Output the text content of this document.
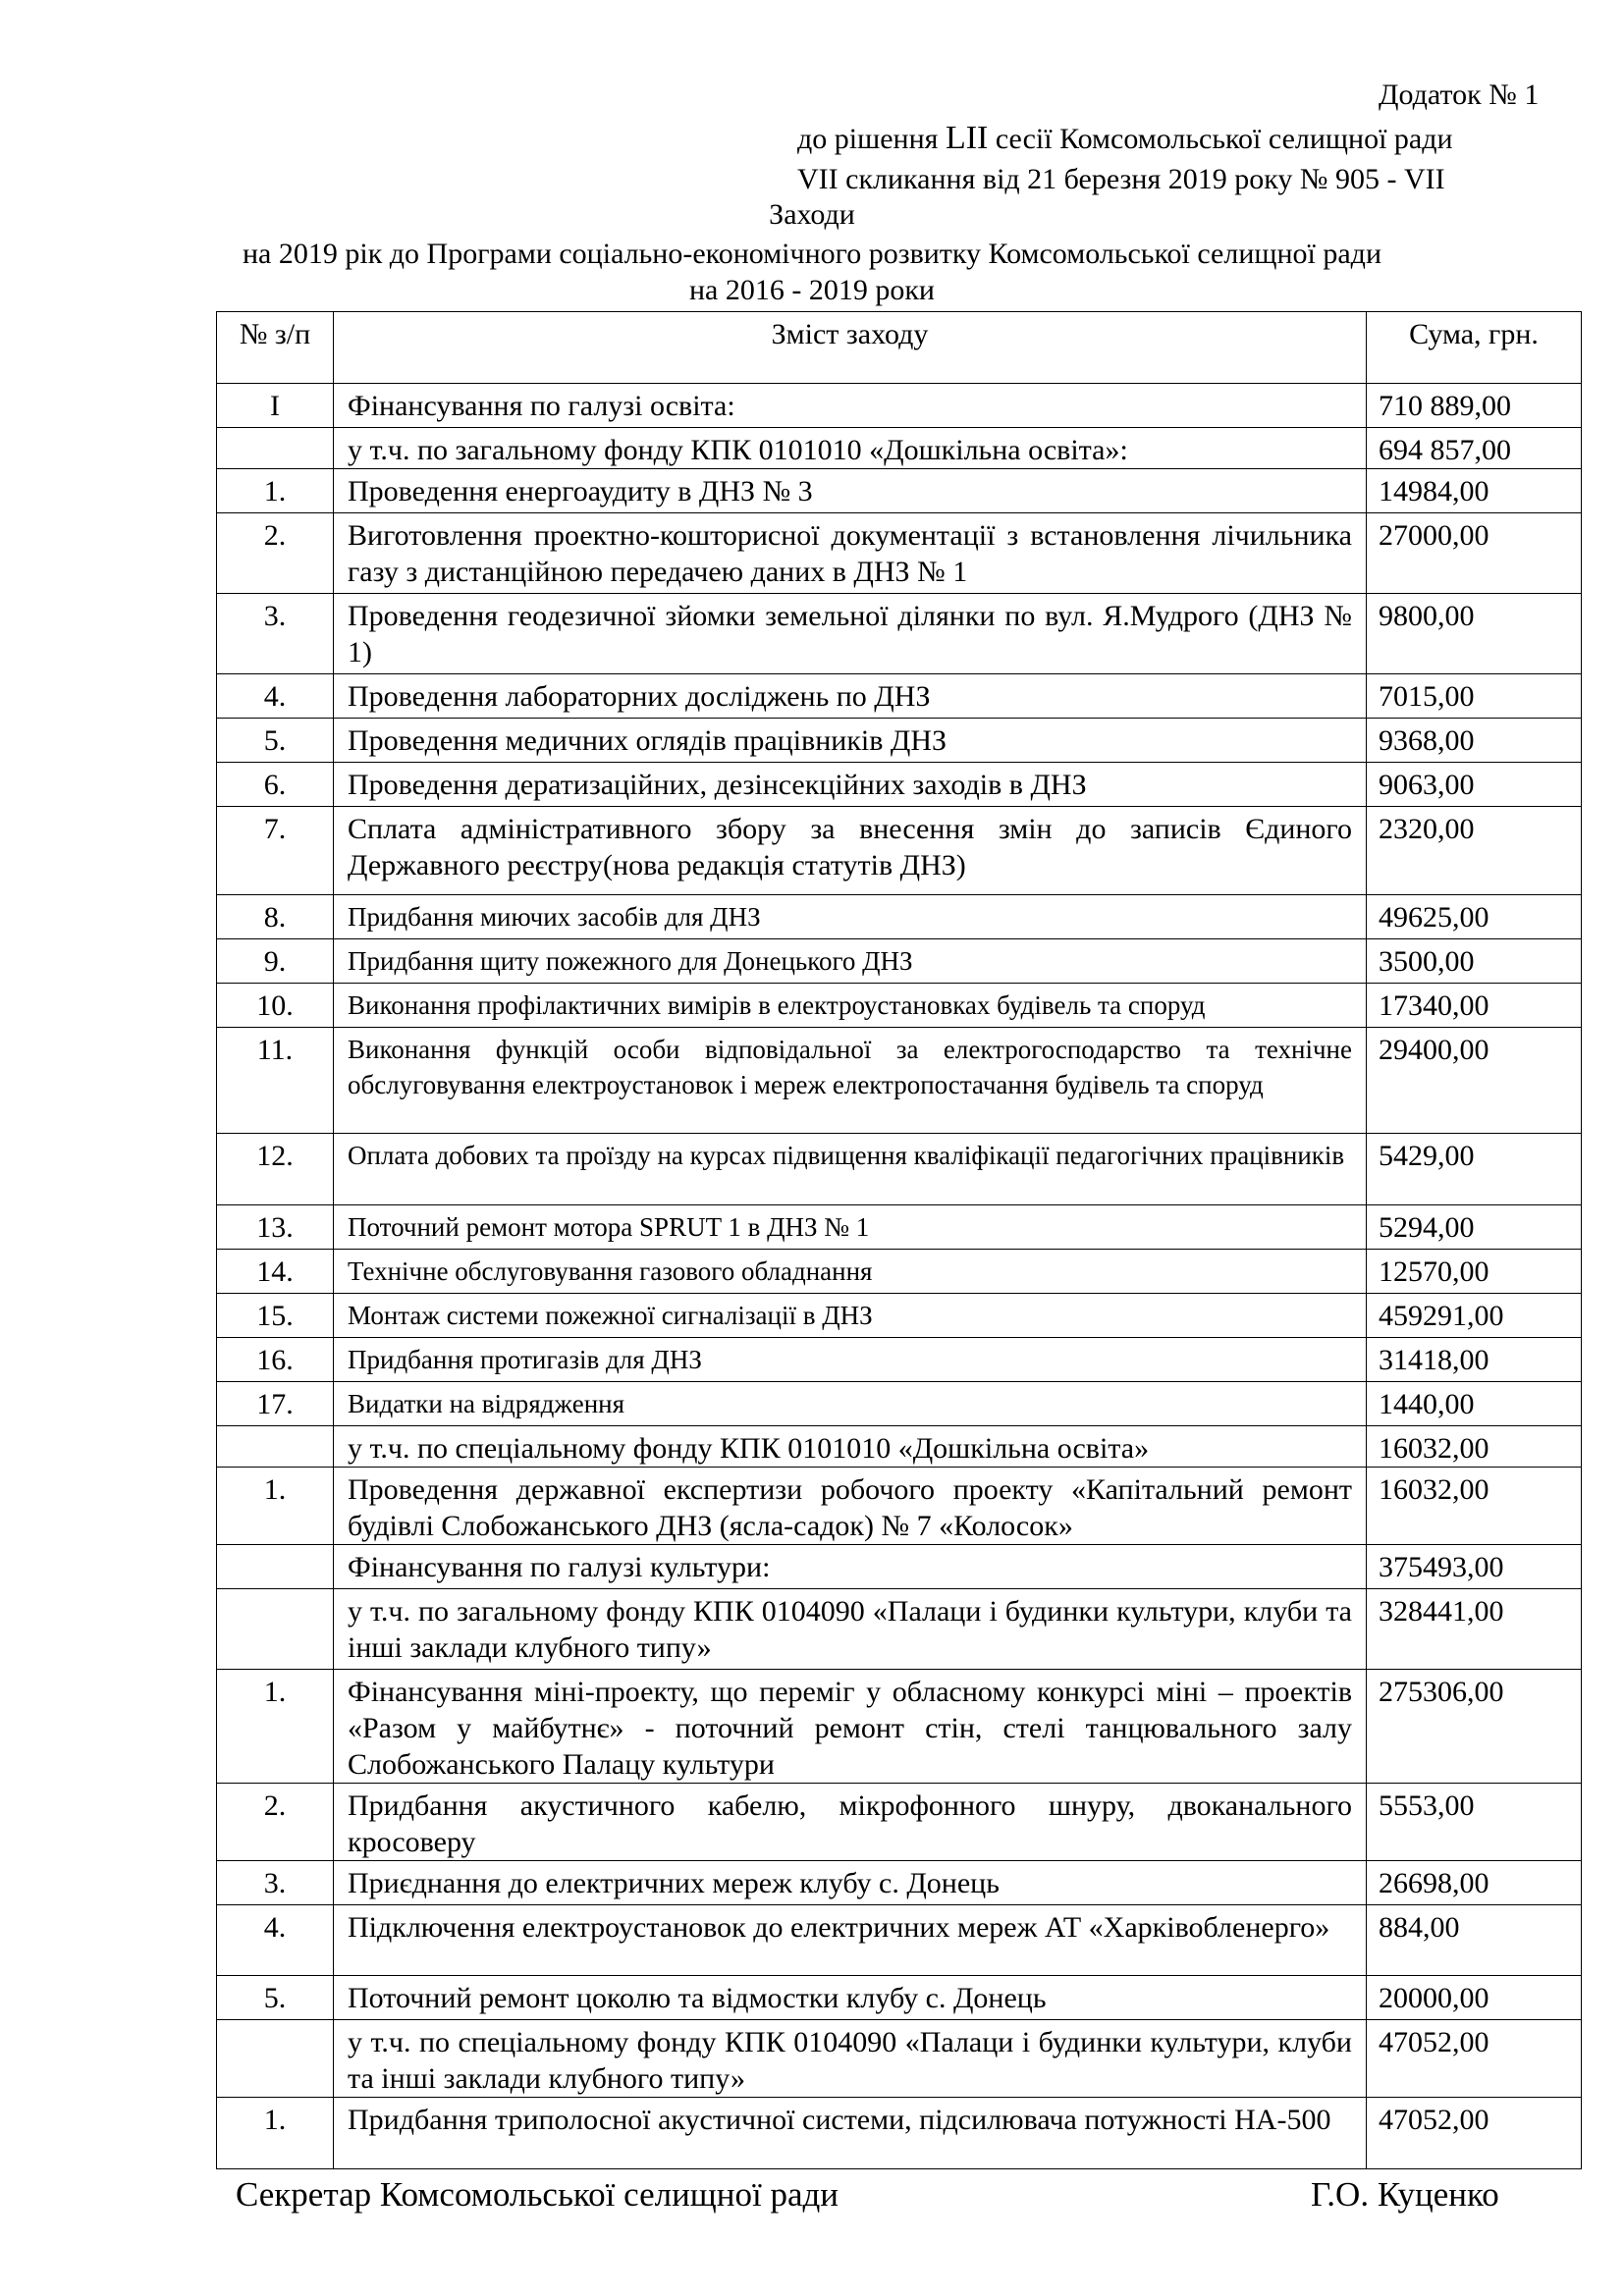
Додаток № 1
до рішення LII сесії Комсомольської селищної ради
VII скликання від 21 березня 2019 року № 905 - VII
Заходи
на 2019 рік до Програми соціально-економічного розвитку Комсомольської селищної ради
на 2016 - 2019 роки
№ з/п	Зміст заходу	Сума, грн.
I	Фінансування по галузі освіта:	710 889,00
	у т.ч. по загальному фонду КПК 0101010 «Дошкільна освіта»:	694 857,00
1.	Проведення енергоаудиту в ДНЗ № 3	14984,00
2.	Виготовлення проектно-кошторисної документації з встановлення лічильника газу з дистанційною передачею даних в ДНЗ № 1	27000,00
3.	Проведення геодезичної зйомки земельної ділянки по вул. Я.Мудрого (ДНЗ № 1)	9800,00
4.	Проведення лабораторних досліджень по ДНЗ	7015,00
5.	Проведення медичних оглядів працівників ДНЗ	9368,00
6.	Проведення дератизаційних, дезінсекційних заходів в ДНЗ	9063,00
7.	Сплата адміністративного збору за внесення змін до записів Єдиного Державного реєстру(нова редакція статутів ДНЗ)	2320,00
8.	Придбання миючих засобів для ДНЗ	49625,00
9.	Придбання щиту пожежного для Донецького ДНЗ	3500,00
10.	Виконання профілактичних вимірів в електроустановках будівель та споруд	17340,00
11.	Виконання функцій особи відповідальної за електрогосподарство та технічне обслуговування електроустановок і мереж електропостачання будівель та споруд	29400,00
12.	Оплата добових та проїзду на курсах підвищення кваліфікації педагогічних працівників	5429,00
13.	Поточний ремонт мотора SPRUT 1 в ДНЗ № 1	5294,00
14.	Технічне обслуговування газового обладнання	12570,00
15.	Монтаж системи пожежної сигналізації в ДНЗ	459291,00
16.	Придбання протигазів для ДНЗ	31418,00
17.	Видатки на відрядження	1440,00
	у т.ч. по спеціальному фонду КПК 0101010 «Дошкільна освіта»	16032,00
1.	Проведення державної експертизи робочого проекту «Капітальний ремонт будівлі Слобожанського ДНЗ (ясла-садок) № 7 «Колосок»	16032,00
	Фінансування по галузі культури:	375493,00
	у т.ч. по загальному фонду КПК 0104090 «Палаци і будинки культури, клуби та інші заклади клубного типу»	328441,00
1.	Фінансування міні-проекту, що переміг у обласному конкурсі міні – проектів «Разом у майбутнє» - поточний ремонт стін, стелі танцювального залу Слобожанського Палацу культури	275306,00
2.	Придбання акустичного кабелю, мікрофонного шнуру, двоканального кросоверу	5553,00
3.	Приєднання до електричних мереж клубу с. Донець	26698,00
4.	Підключення електроустановок до електричних мереж АТ «Харківобленерго»	884,00
5.	Поточний ремонт цоколю та відмостки клубу с. Донець	20000,00
	у т.ч. по спеціальному фонду КПК 0104090 «Палаци і будинки культури, клуби та інші заклади клубного типу»	47052,00
1.	Придбання триполосної акустичної системи, підсилювача потужності НА-500	47052,00
Секретар Комсомольської селищної ради	Г.О. Куценко
